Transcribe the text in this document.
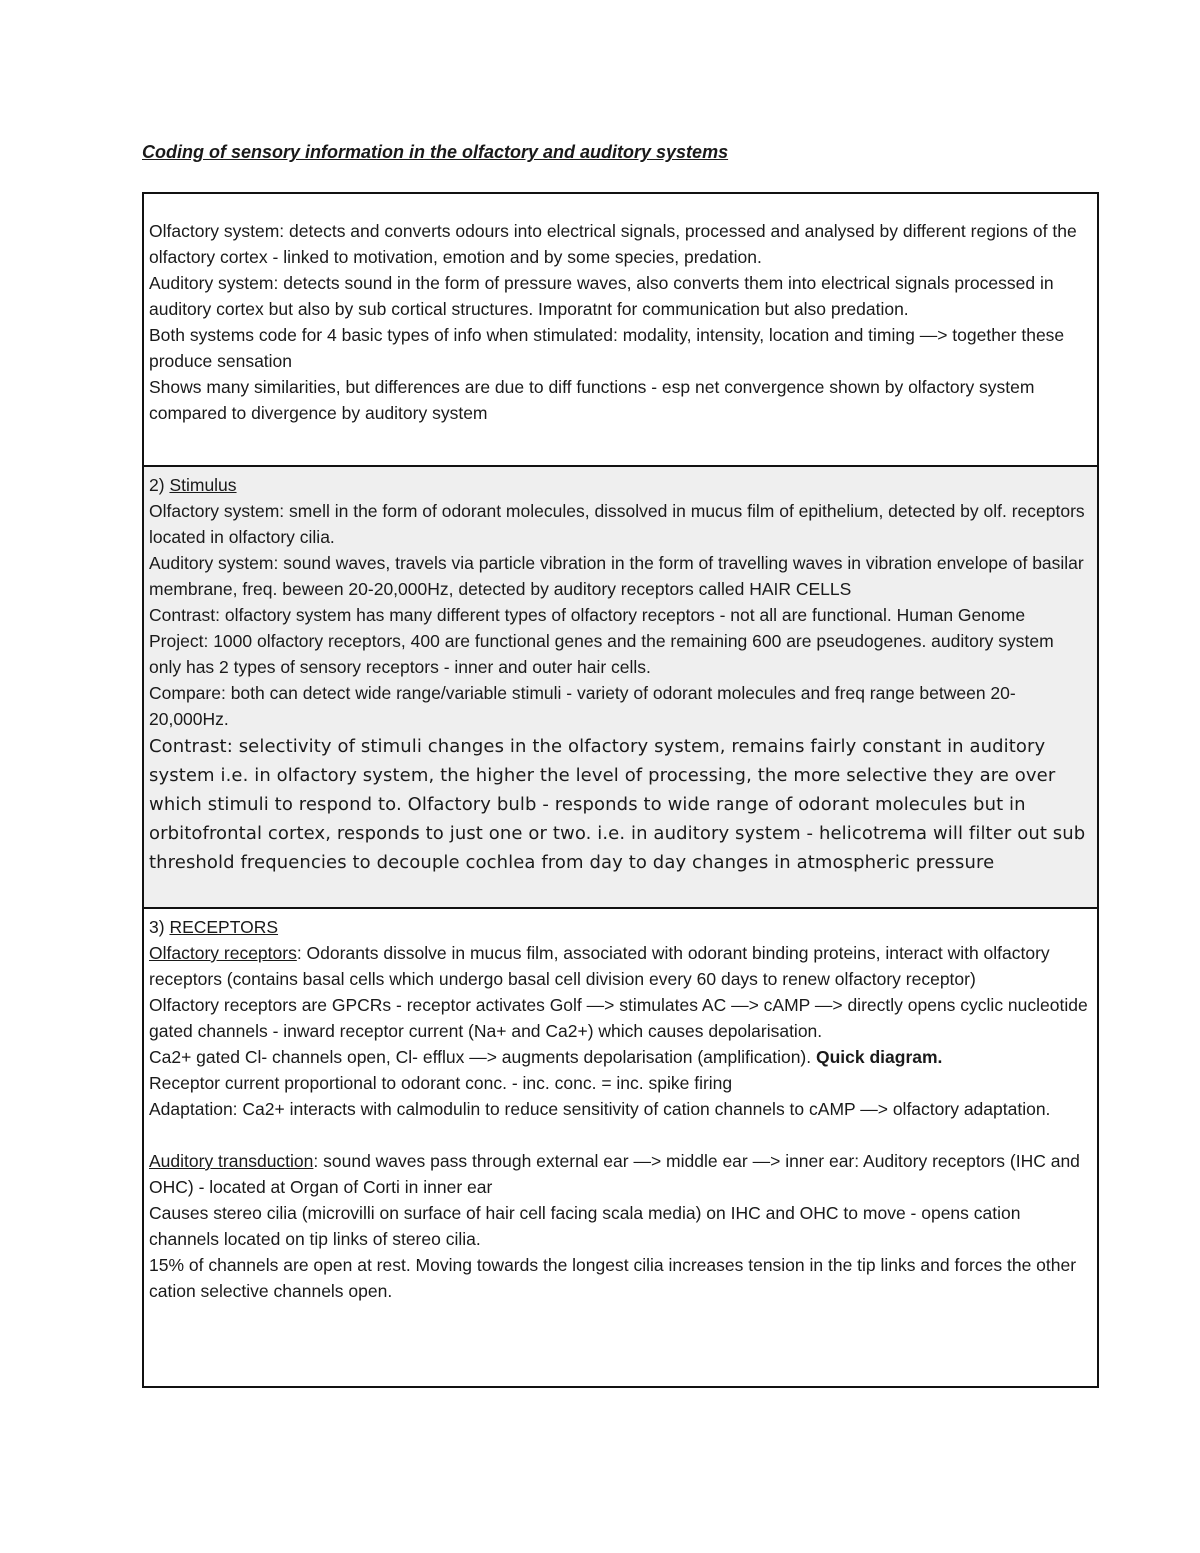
Coding of sensory information in the olfactory and auditory systems

Olfactory system: detects and converts odours into electrical signals, processed and analysed by different regions of the olfactory cortex - linked to motivation, emotion and by some species, predation.

Auditory system: detects sound in the form of pressure waves, also converts them into electrical signals processed in auditory cortex but also by sub cortical structures. Imporatnt for communication but also predation.

Both systems code for 4 basic types of info when stimulated: modality, intensity, location and timing —> together these produce sensation

Shows many similarities, but differences are due to diff functions - esp net convergence shown by olfactory system compared to divergence by auditory system

2) Stimulus

Olfactory system: smell in the form of odorant molecules, dissolved in mucus film of epithelium, detected by olf. receptors located in olfactory cilia.

Auditory system: sound waves, travels via particle vibration in the form of travelling waves in vibration envelope of basilar membrane, freq. beween 20-20,000Hz, detected by auditory receptors called HAIR CELLS

Contrast: olfactory system has many different types of olfactory receptors - not all are functional. Human Genome Project: 1000 olfactory receptors, 400 are functional genes and the remaining 600 are pseudogenes. auditory system only has 2 types of sensory receptors - inner and outer hair cells.

Compare: both can detect wide range/variable stimuli - variety of odorant molecules and freq range between 20-20,000Hz.

Contrast: selectivity of stimuli changes in the olfactory system, remains fairly constant in auditory system i.e. in olfactory system, the higher the level of processing, the more selective they are over which stimuli to respond to. Olfactory bulb - responds to wide range of odorant molecules but in orbitofrontal cortex, responds to just one or two. i.e. in auditory system - helicotrema will filter out sub threshold frequencies to decouple cochlea from day to day changes in atmospheric pressure

3) RECEPTORS

Olfactory receptors: Odorants dissolve in mucus film, associated with odorant binding proteins, interact with olfactory receptors (contains basal cells which undergo basal cell division every 60 days to renew olfactory receptor)

Olfactory receptors are GPCRs - receptor activates Golf —> stimulates AC —> cAMP —> directly opens cyclic nucleotide gated channels - inward receptor current (Na+ and Ca2+) which causes depolarisation.

Ca2+ gated Cl- channels open, Cl- efflux —> augments depolarisation (amplification). Quick diagram.

Receptor current proportional to odorant conc. - inc. conc. = inc. spike firing

Adaptation: Ca2+ interacts with calmodulin to reduce sensitivity of cation channels to cAMP —> olfactory adaptation.

Auditory transduction: sound waves pass through external ear —> middle ear —> inner ear: Auditory receptors (IHC and OHC) - located at Organ of Corti in inner ear

Causes stereo cilia (microvilli on surface of hair cell facing scala media) on IHC and OHC to move - opens cation channels located on tip links of stereo cilia.

15% of channels are open at rest. Moving towards the longest cilia increases tension in the tip links and forces the other cation selective channels open.
